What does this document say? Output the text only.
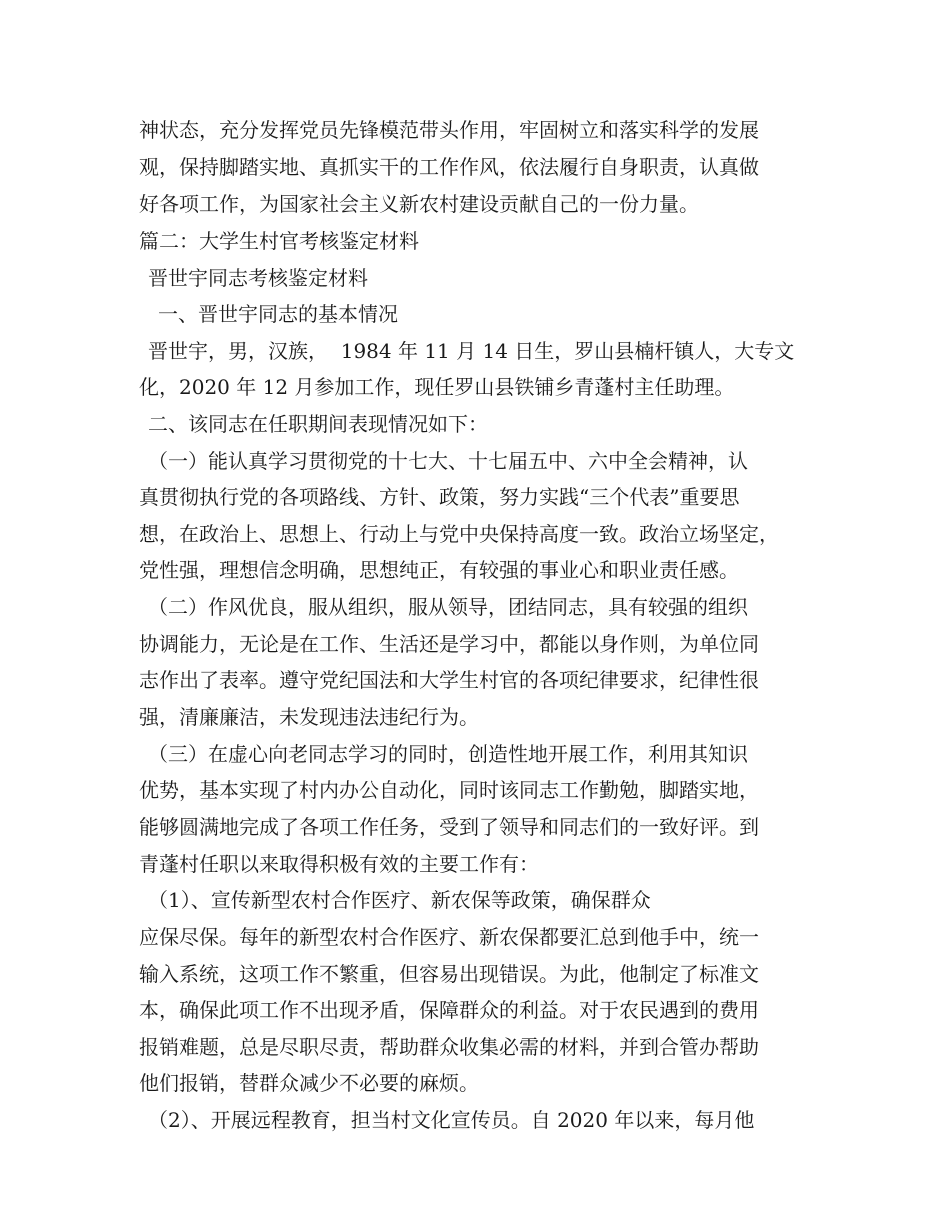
神状态，充分发挥党员先锋模范带头作用，牢固树立和落实科学的发展
观，保持脚踏实地、真抓实干的工作作风，依法履行自身职责，认真做
好各项工作，为国家社会主义新农村建设贡献自己的一份力量。
篇二：大学生村官考核鉴定材料
晋世宇同志考核鉴定材料
一、晋世宇同志的基本情况
晋世宇，男，汉族，  1984 年 11 月 14 日生，罗山县楠杆镇人，大专文
化，2020 年 12 月参加工作，现任罗山县铁铺乡青蓬村主任助理。
二、该同志在任职期间表现情况如下：
（一）能认真学习贯彻党的十七大、十七届五中、六中全会精神，认
真贯彻执行党的各项路线、方针、政策，努力实践“三个代表”重要思
想，在政治上、思想上、行动上与党中央保持高度一致。政治立场坚定，
党性强，理想信念明确，思想纯正，有较强的事业心和职业责任感。
（二）作风优良，服从组织，服从领导，团结同志，具有较强的组织
协调能力，无论是在工作、生活还是学习中，都能以身作则，为单位同
志作出了表率。遵守党纪国法和大学生村官的各项纪律要求，纪律性很
强，清廉廉洁，未发现违法违纪行为。
（三）在虚心向老同志学习的同时，创造性地开展工作，利用其知识
优势，基本实现了村内办公自动化，同时该同志工作勤勉，脚踏实地，
能够圆满地完成了各项工作任务，受到了领导和同志们的一致好评。到
青蓬村任职以来取得积极有效的主要工作有：
（1）、宣传新型农村合作医疗、新农保等政策，确保群众
应保尽保。每年的新型农村合作医疗、新农保都要汇总到他手中，统一
输入系统，这项工作不繁重，但容易出现错误。为此，他制定了标准文
本，确保此项工作不出现矛盾，保障群众的利益。对于农民遇到的费用
报销难题，总是尽职尽责，帮助群众收集必需的材料，并到合管办帮助
他们报销，替群众减少不必要的麻烦。
（2）、开展远程教育，担当村文化宣传员。自 2020 年以来，每月他
